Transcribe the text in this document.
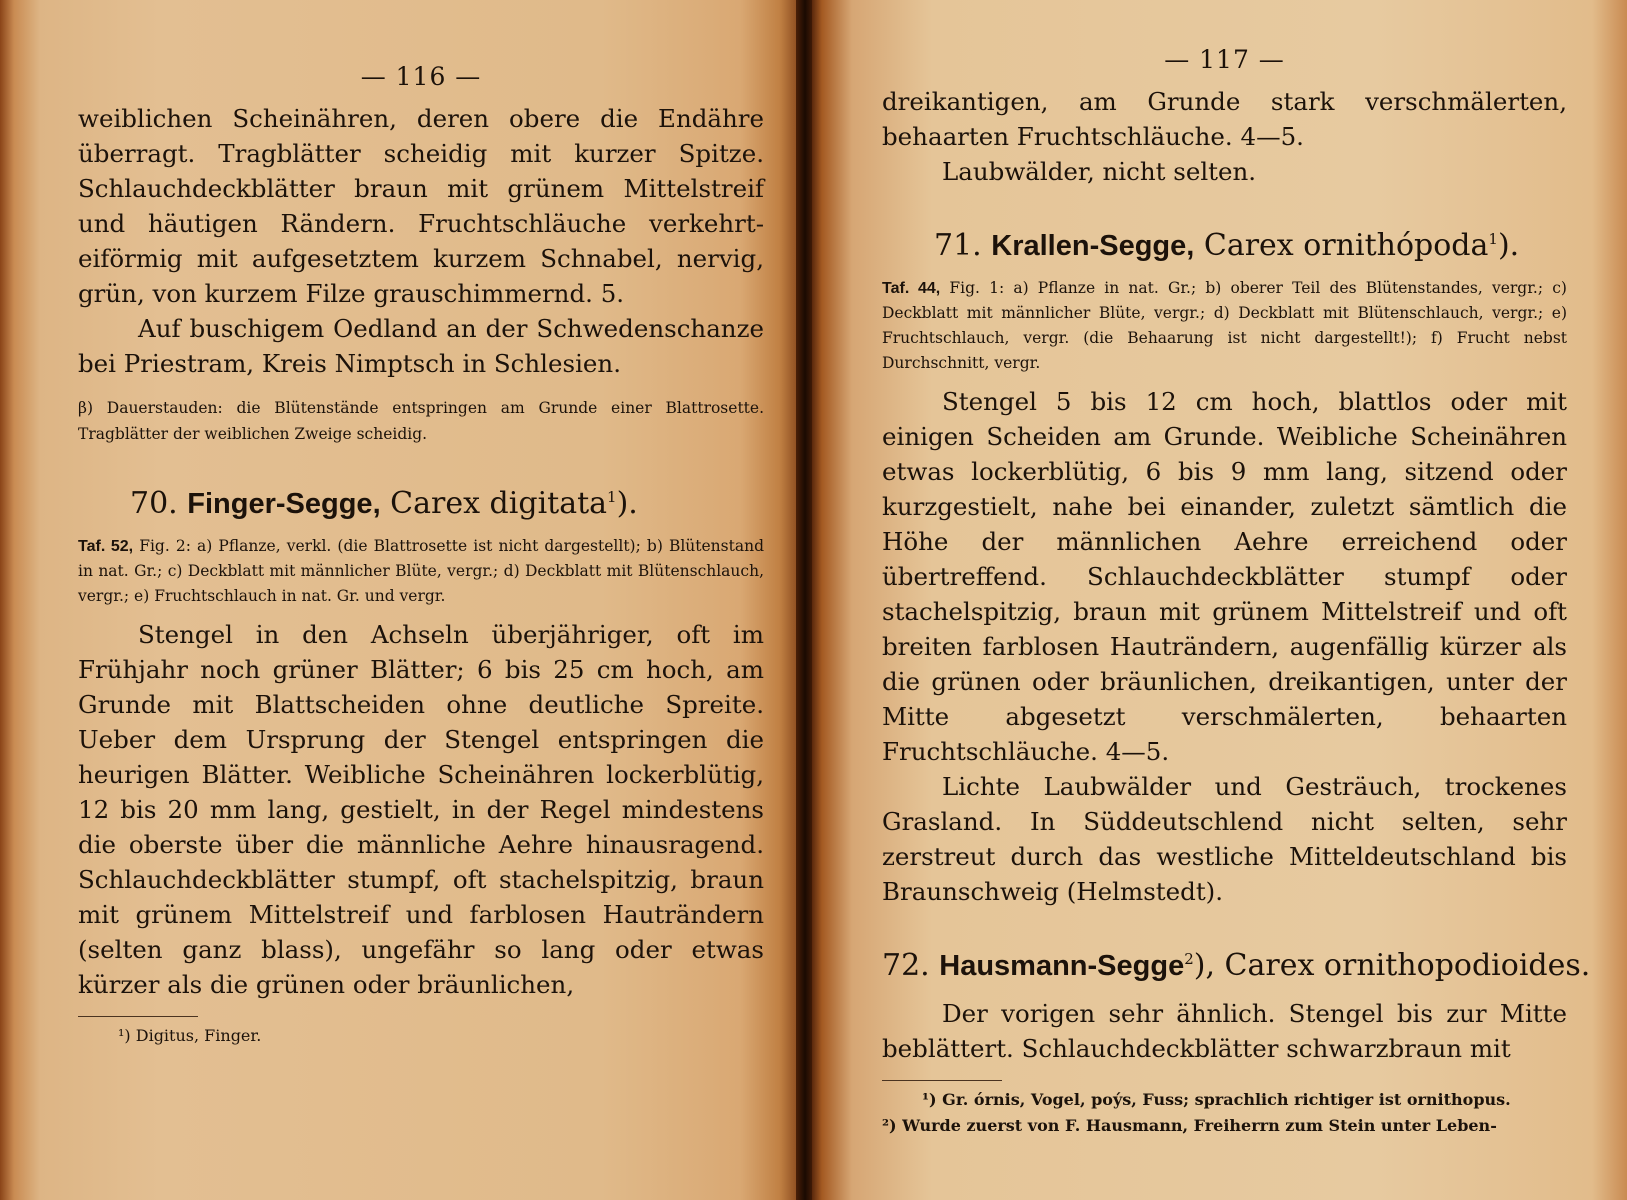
— 116 —

weiblichen Scheinähren, deren obere die Endähre überragt. Tragblätter scheidig mit kurzer Spitze. Schlauchdeckblätter braun mit grünem Mittelstreif und häutigen Rändern. Fruchtschläuche verkehrt-eiförmig mit aufgesetztem kurzem Schnabel, nervig, grün, von kurzem Filze grauschimmernd. 5.

Auf buschigem Oedland an der Schwedenschanze bei Priestram, Kreis Nimptsch in Schlesien.

β) Dauerstauden: die Blütenstände entspringen am Grunde einer Blattrosette. Tragblätter der weiblichen Zweige scheidig.

70. Finger-Segge, Carex digitata$^1$).

Taf. 52, Fig. 2: a) Pflanze, verkl. (die Blattrosette ist nicht dargestellt); b) Blütenstand in nat. Gr.; c) Deckblatt mit männlicher Blüte, vergr.; d) Deckblatt mit Blütenschlauch, vergr.; e) Fruchtschlauch in nat. Gr. und vergr.

Stengel in den Achseln überjähriger, oft im Frühjahr noch grüner Blätter; 6 bis 25 cm hoch, am Grunde mit Blattscheiden ohne deutliche Spreite. Ueber dem Ursprung der Stengel entspringen die heurigen Blätter. Weibliche Scheinähren lockerblütig, 12 bis 20 mm lang, gestielt, in der Regel mindestens die oberste über die männliche Aehre hinausragend. Schlauchdeckblätter stumpf, oft stachelspitzig, braun mit grünem Mittelstreif und farblosen Hauträndern (selten ganz blass), ungefähr so lang oder etwas kürzer als die grünen oder bräunlichen,

¹) Digitus, Finger.

— 117 —

dreikantigen, am Grunde stark verschmälerten, behaarten Fruchtschläuche. 4—5.

Laubwälder, nicht selten.

71. Krallen-Segge, Carex ornithópoda$^1$).

Taf. 44, Fig. 1: a) Pflanze in nat. Gr.; b) oberer Teil des Blütenstandes, vergr.; c) Deckblatt mit männlicher Blüte, vergr.; d) Deckblatt mit Blütenschlauch, vergr.; e) Fruchtschlauch, vergr. (die Behaarung ist nicht dargestellt!); f) Frucht nebst Durchschnitt, vergr.

Stengel 5 bis 12 cm hoch, blattlos oder mit einigen Scheiden am Grunde. Weibliche Scheinähren etwas lockerblütig, 6 bis 9 mm lang, sitzend oder kurzgestielt, nahe bei einander, zuletzt sämtlich die Höhe der männlichen Aehre erreichend oder übertreffend. Schlauchdeckblätter stumpf oder stachelspitzig, braun mit grünem Mittelstreif und oft breiten farblosen Hauträndern, augenfällig kürzer als die grünen oder bräunlichen, dreikantigen, unter der Mitte abgesetzt verschmälerten, behaarten Fruchtschläuche. 4—5.

Lichte Laubwälder und Gesträuch, trockenes Grasland. In Süddeutschlend nicht selten, sehr zerstreut durch das westliche Mitteldeutschland bis Braunschweig (Helmstedt).

72. Hausmann-Segge$^2$), Carex ornithopodioides.

Der vorigen sehr ähnlich. Stengel bis zur Mitte beblättert. Schlauchdeckblätter schwarzbraun mit

¹) Gr. órnis, Vogel, poýs, Fuss; sprachlich richtiger ist ornithopus.

²) Wurde zuerst von F. Hausmann, Freiherrn zum Stein unter Leben-
